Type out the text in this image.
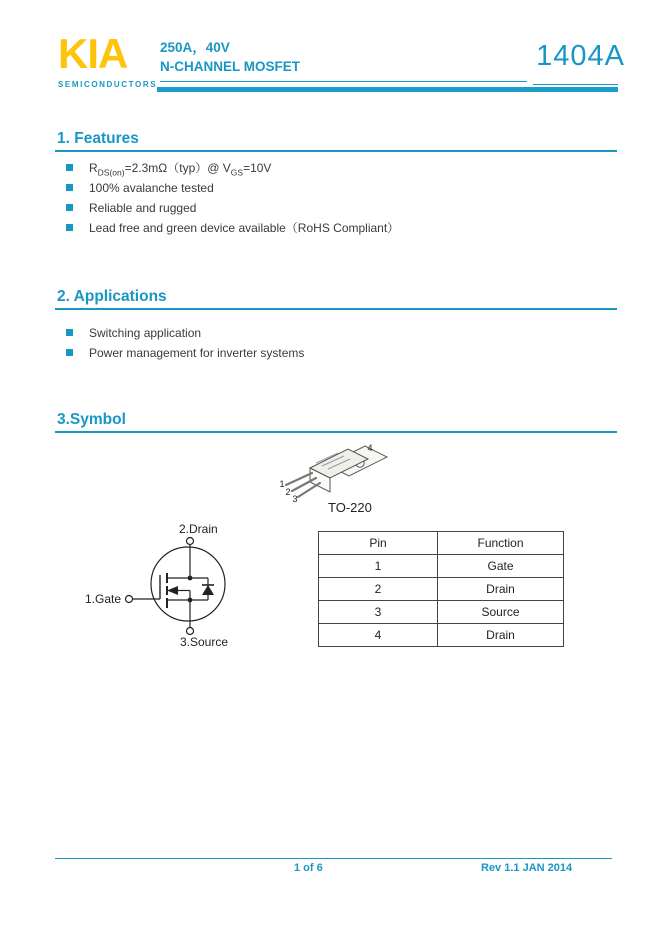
KIA
SEMICONDUCTORS
250A，40V
N-CHANNEL MOSFET	1404A
1. Features
$R_{DS(on)}=2.3m\Omega(typ)@$ $V_{GS}=10V$
100% avalanche tested
Reliable and rugged
Lead free and green device available（RoHS Compliant）
2. Applications
Switching application
Power management for inverter systems
3.Symbol
1
2
3
4
TO-220
2.Drain
1.Gate
3.Source
Pin	Function
1	Gate
2	Drain
3	Source
4	Drain
1 of 6	Rev 1.1 JAN 2014
